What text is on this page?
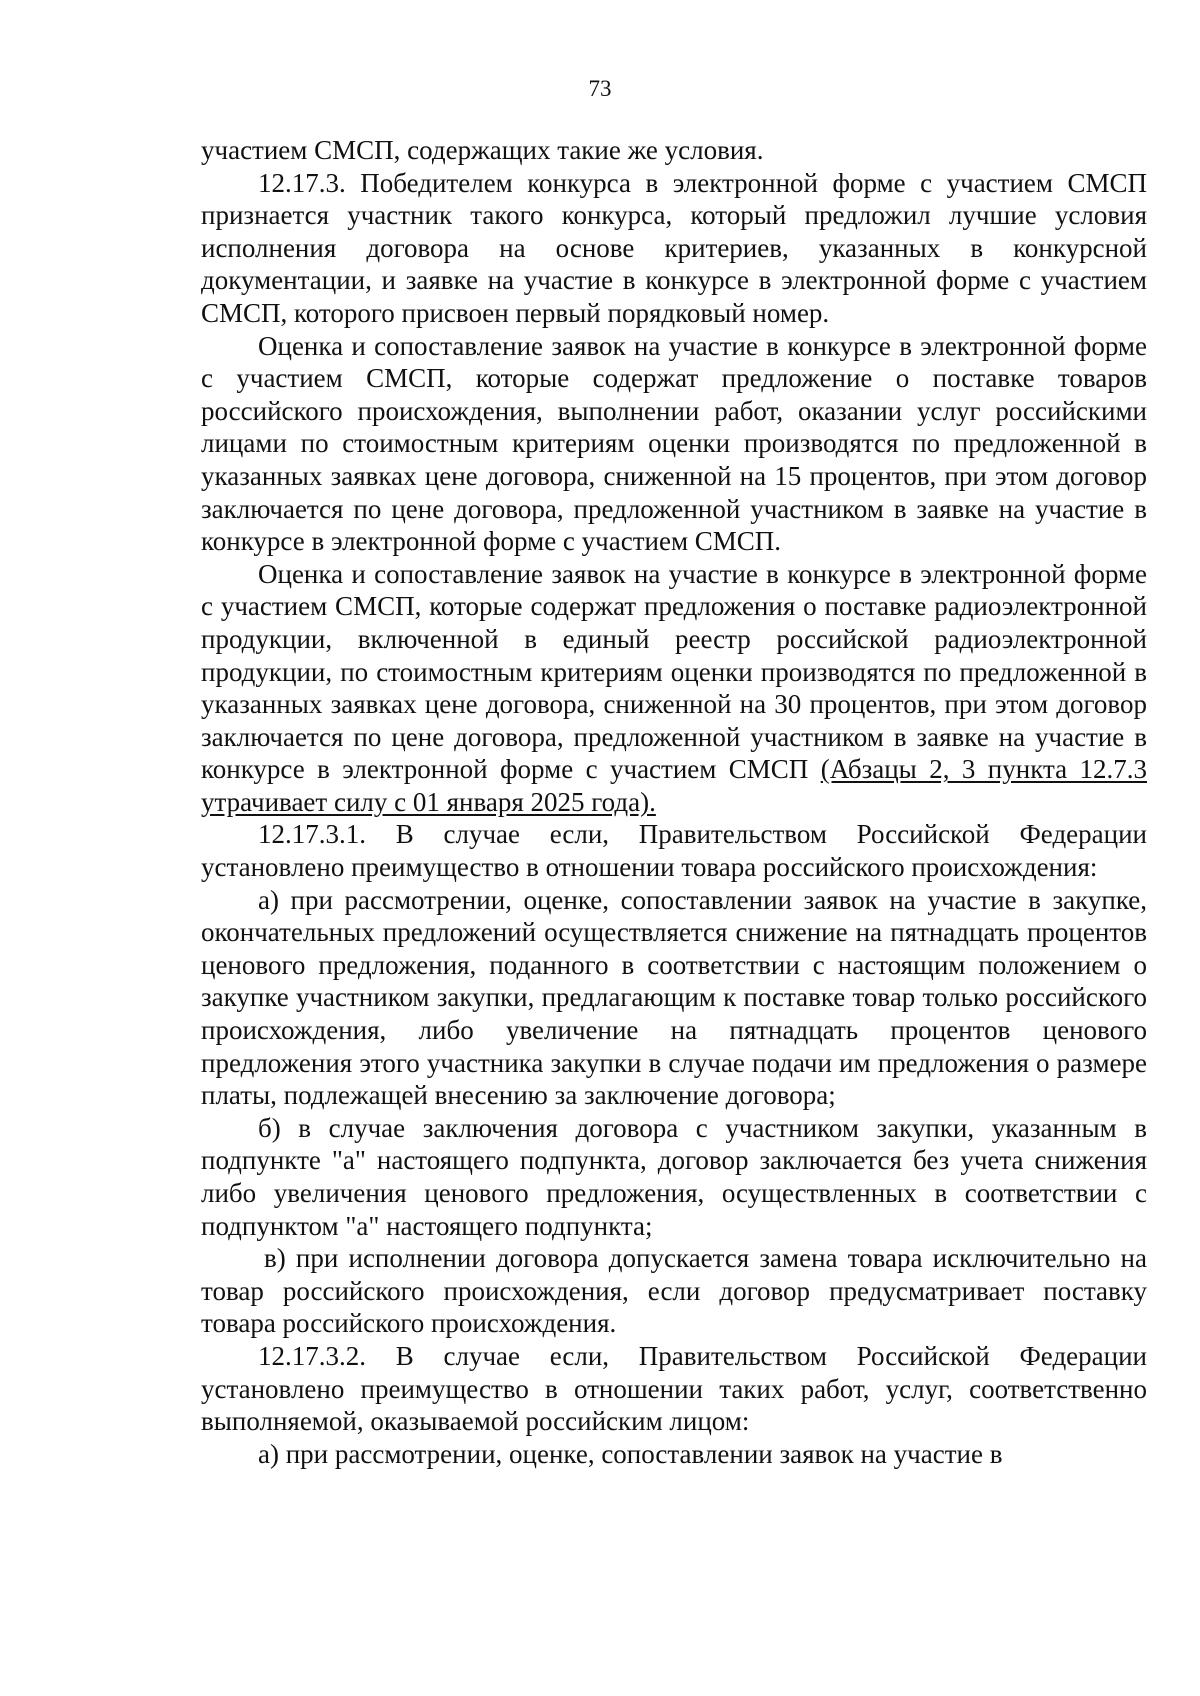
73

участием СМСП, содержащих такие же условия.

12.17.3. Победителем конкурса в электронной форме с участием СМСП признается участник такого конкурса, который предложил лучшие условия исполнения договора на основе критериев, указанных в конкурсной документации, и заявке на участие в конкурсе в электронной форме с участием СМСП, которого присвоен первый порядковый номер.

Оценка и сопоставление заявок на участие в конкурсе в электронной форме с участием СМСП, которые содержат предложение о поставке товаров российского происхождения, выполнении работ, оказании услуг российскими лицами по стоимостным критериям оценки производятся по предложенной в указанных заявках цене договора, сниженной на 15 процентов, при этом договор заключается по цене договора, предложенной участником в заявке на участие в конкурсе в электронной форме с участием СМСП.

Оценка и сопоставление заявок на участие в конкурсе в электронной форме с участием СМСП, которые содержат предложения о поставке радиоэлектронной продукции, включенной в единый реестр российской радиоэлектронной продукции, по стоимостным критериям оценки производятся по предложенной в указанных заявках цене договора, сниженной на 30 процентов, при этом договор заключается по цене договора, предложенной участником в заявке на участие в конкурсе в электронной форме с участием СМСП (Абзацы 2, 3 пункта 12.7.3 утрачивает силу с 01 января 2025 года).

12.17.3.1. В случае если, Правительством Российской Федерации установлено преимущество в отношении товара российского происхождения:

а) при рассмотрении, оценке, сопоставлении заявок на участие в закупке, окончательных предложений осуществляется снижение на пятнадцать процентов ценового предложения, поданного в соответствии с настоящим положением о закупке участником закупки, предлагающим к поставке товар только российского происхождения, либо увеличение на пятнадцать процентов ценового предложения этого участника закупки в случае подачи им предложения о размере платы, подлежащей внесению за заключение договора;

б) в случае заключения договора с участником закупки, указанным в подпункте "а" настоящего подпункта, договор заключается без учета снижения либо увеличения ценового предложения, осуществленных в соответствии с подпунктом "а" настоящего подпункта;

в) при исполнении договора допускается замена товара исключительно на товар российского происхождения, если договор предусматривает поставку товара российского происхождения.

12.17.3.2. В случае если, Правительством Российской Федерации установлено преимущество в отношении таких работ, услуг, соответственно выполняемой, оказываемой российским лицом:

а) при рассмотрении, оценке, сопоставлении заявок на участие в
